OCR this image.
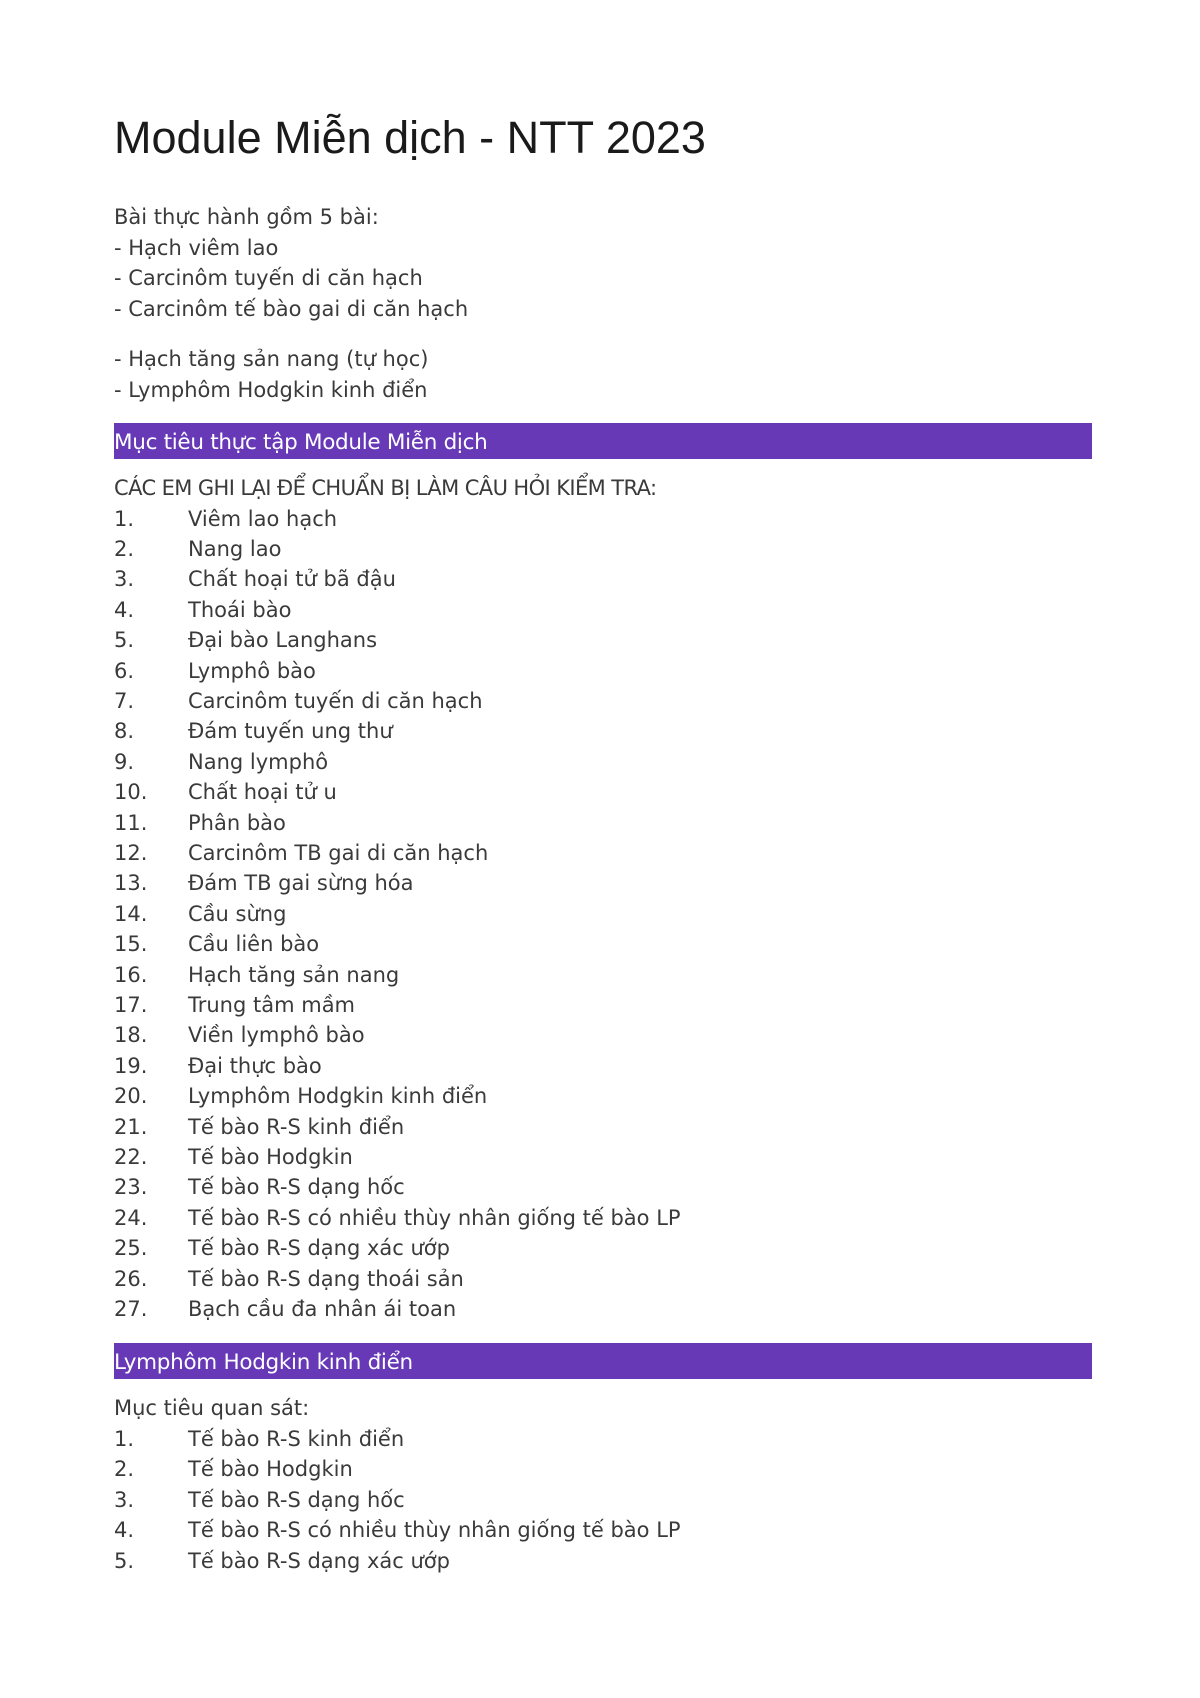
Module Miễn dịch - NTT 2023
Bài thực hành gồm 5 bài:
- Hạch viêm lao
- Carcinôm tuyến di căn hạch
- Carcinôm tế bào gai di căn hạch
- Hạch tăng sản nang (tự học)
- Lymphôm Hodgkin kinh điển
Mục tiêu thực tập Module Miễn dịch
CÁC EM GHI LẠI ĐỂ CHUẨN BỊ LÀM CÂU HỎI KIỂM TRA:
1.	Viêm lao hạch
2.	Nang lao
3.	Chất hoại tử bã đậu
4.	Thoái bào
5.	Đại bào Langhans
6.	Lymphô bào
7.	Carcinôm tuyến di căn hạch
8.	Đám tuyến ung thư
9.	Nang lymphô
10. Chất hoại tử u
11. Phân bào
12. Carcinôm TB gai di căn hạch
13. Đám TB gai sừng hóa
14. Cầu sừng
15. Cầu liên bào
16. Hạch tăng sản nang
17. Trung tâm mầm
18. Viền lymphô bào
19. Đại thực bào
20. Lymphôm Hodgkin kinh điển
21. Tế bào R-S kinh điển
22. Tế bào Hodgkin
23. Tế bào R-S dạng hốc
24. Tế bào R-S có nhiều thùy nhân giống tế bào LP
25. Tế bào R-S dạng xác ướp
26. Tế bào R-S dạng thoái sản
27. Bạch cầu đa nhân ái toan
Lymphôm Hodgkin kinh điển
Mục tiêu quan sát:
1.	Tế bào R-S kinh điển
2.	Tế bào Hodgkin
3.	Tế bào R-S dạng hốc
4.	Tế bào R-S có nhiều thùy nhân giống tế bào LP
5.	Tế bào R-S dạng xác ướp
